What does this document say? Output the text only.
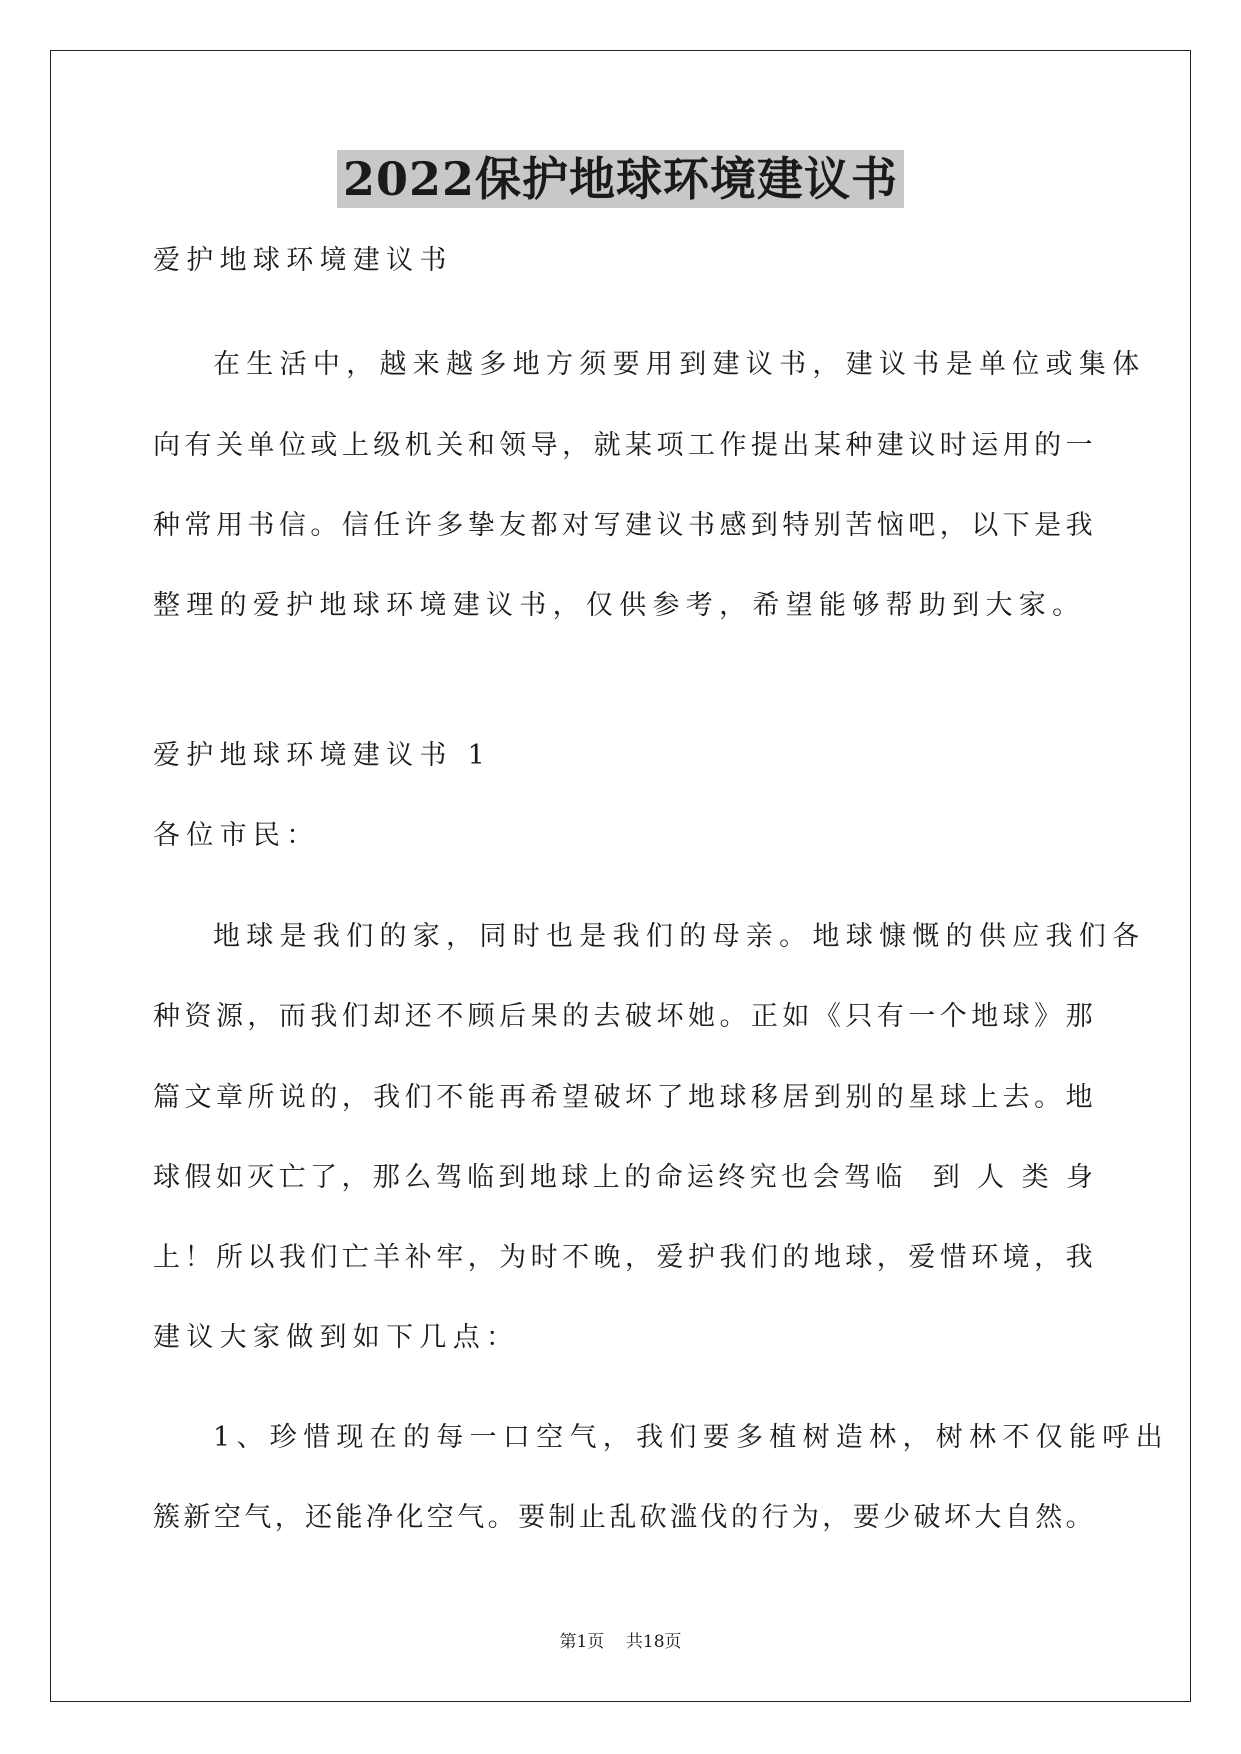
2022保护地球环境建议书
爱护地球环境建议书
在生活中，越来越多地方须要用到建议书，建议书是单位或集体
向 有 关 单 位 或 上 级 机 关 和 领 导 ， 就 某 项 工 作 提 出 某 种 建 议 时 运 用 的 一
种 常 用 书 信 。 信 任 许 多 挚 友 都 对 写 建 议 书 感 到 特 别 苦 恼 吧 ， 以 下 是 我
整理的爱护地球环境建议书，仅供参考，希望能够帮助到大家。
爱护地球环境建议书 1
各位市民：
地球是我们的家，同时也是我们的母亲。地球慷慨的供应我们各
种 资 源 ， 而 我 们 却 还 不 顾 后 果 的 去 破 坏 她 。 正 如 《 只 有 一 个 地 球 》 那
篇 文 章 所 说 的 ， 我 们 不 能 再 希 望 破 坏 了 地 球 移 居 到 别 的 星 球 上 去 。 地
球 假 如 灭 亡 了 ， 那 么 驾 临 到 地 球 上 的 命 运 终 究 也 会 驾 临

到
人
类
身
上 ！ 所 以 我 们 亡 羊 补 牢 ， 为 时 不 晚 ， 爱 护 我 们 的 地 球 ， 爱 惜 环 境 ， 我
建议大家做到如下几点：
1、珍惜现在的每一口空气，我们要多植树造林，树林不仅能呼出
簇 新 空 气 ， 还 能 净 化 空 气 。 要 制 止 乱 砍 滥 伐 的 行 为 ， 要 少 破 坏 大 自 然 。
第1页 共18页
